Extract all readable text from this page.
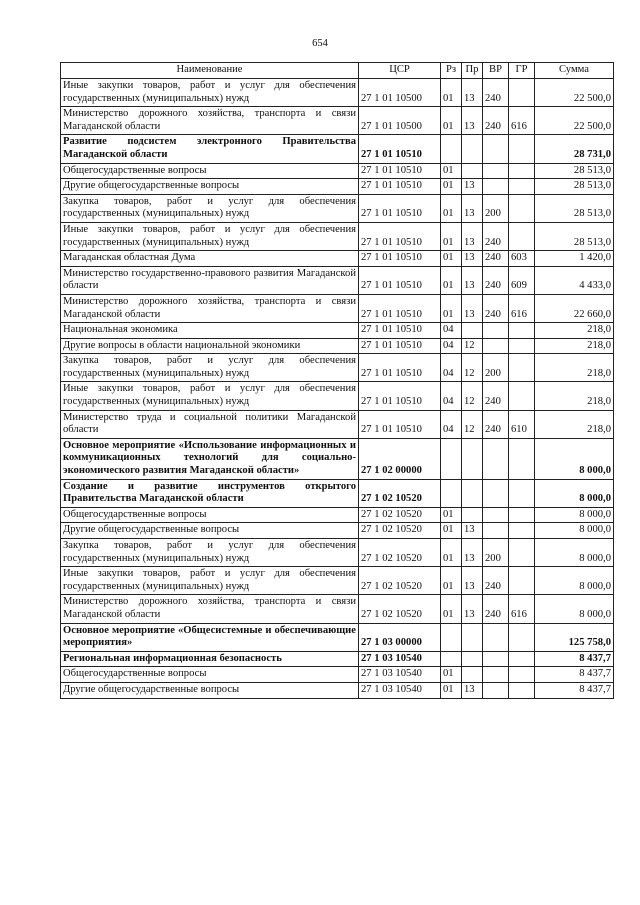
654
Наименование	ЦСР	Рз	Пр	ВР	ГР	Сумма
Иные закупки товаров, работ и услуг для обеспечения государственных (муниципальных) нужд	27 1 01 10500	01	13	240		22 500,0
Министерство дорожного хозяйства, транспорта и связи Магаданской области	27 1 01 10500	01	13	240	616	22 500,0
Развитие подсистем электронного Правительства Магаданской области	27 1 01 10510					28 731,0
Общегосударственные вопросы	27 1 01 10510	01				28 513,0
Другие общегосударственные вопросы	27 1 01 10510	01	13			28 513,0
Закупка товаров, работ и услуг для обеспечения государственных (муниципальных) нужд	27 1 01 10510	01	13	200		28 513,0
Иные закупки товаров, работ и услуг для обеспечения государственных (муниципальных) нужд	27 1 01 10510	01	13	240		28 513,0
Магаданская областная Дума	27 1 01 10510	01	13	240	603	1 420,0
Министерство государственно-правового развития Магаданской области	27 1 01 10510	01	13	240	609	4 433,0
Министерство дорожного хозяйства, транспорта и связи Магаданской области	27 1 01 10510	01	13	240	616	22 660,0
Национальная экономика	27 1 01 10510	04				218,0
Другие вопросы в области национальной экономики	27 1 01 10510	04	12			218,0
Закупка товаров, работ и услуг для обеспечения государственных (муниципальных) нужд	27 1 01 10510	04	12	200		218,0
Иные закупки товаров, работ и услуг для обеспечения государственных (муниципальных) нужд	27 1 01 10510	04	12	240		218,0
Министерство труда и социальной политики Магаданской области	27 1 01 10510	04	12	240	610	218,0
Основное мероприятие «Использование информационных и коммуникационных технологий для социально-экономического развития Магаданской области»	27 1 02 00000					8 000,0
Создание и развитие инструментов открытого Правительства Магаданской области	27 1 02 10520					8 000,0
Общегосударственные вопросы	27 1 02 10520	01				8 000,0
Другие общегосударственные вопросы	27 1 02 10520	01	13			8 000,0
Закупка товаров, работ и услуг для обеспечения государственных (муниципальных) нужд	27 1 02 10520	01	13	200		8 000,0
Иные закупки товаров, работ и услуг для обеспечения государственных (муниципальных) нужд	27 1 02 10520	01	13	240		8 000,0
Министерство дорожного хозяйства, транспорта и связи Магаданской области	27 1 02 10520	01	13	240	616	8 000,0
Основное мероприятие «Общесистемные и обеспечивающие мероприятия»	27 1 03 00000					125 758,0
Региональная информационная безопасность	27 1 03 10540					8 437,7
Общегосударственные вопросы	27 1 03 10540	01				8 437,7
Другие общегосударственные вопросы	27 1 03 10540	01	13			8 437,7
